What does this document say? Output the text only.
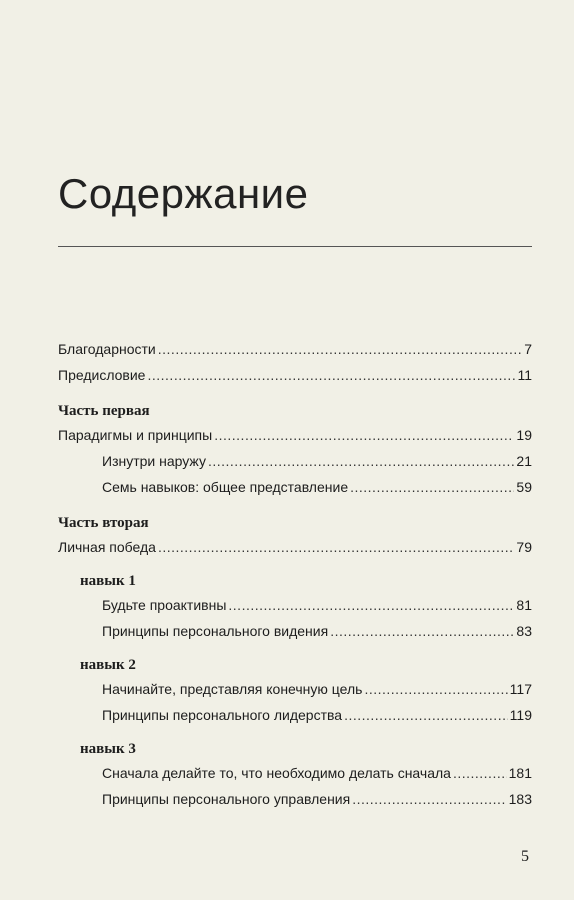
Содержание
Благодарности .....	7
Предисловие .....	11
Часть первая
Парадигмы и принципы .....	19
Изнутри наружу .....	21
Семь навыков: общее представление .....	59
Часть вторая
Личная победа .....	79
навык 1
Будьте проактивны .....	81
Принципы персонального видения .....	83
навык 2
Начинайте, представляя конечную цель .....	117
Принципы персонального лидерства .....	119
навык 3
Сначала делайте то, что необходимо делать сначала .....	181
Принципы персонального управления .....	183
5
